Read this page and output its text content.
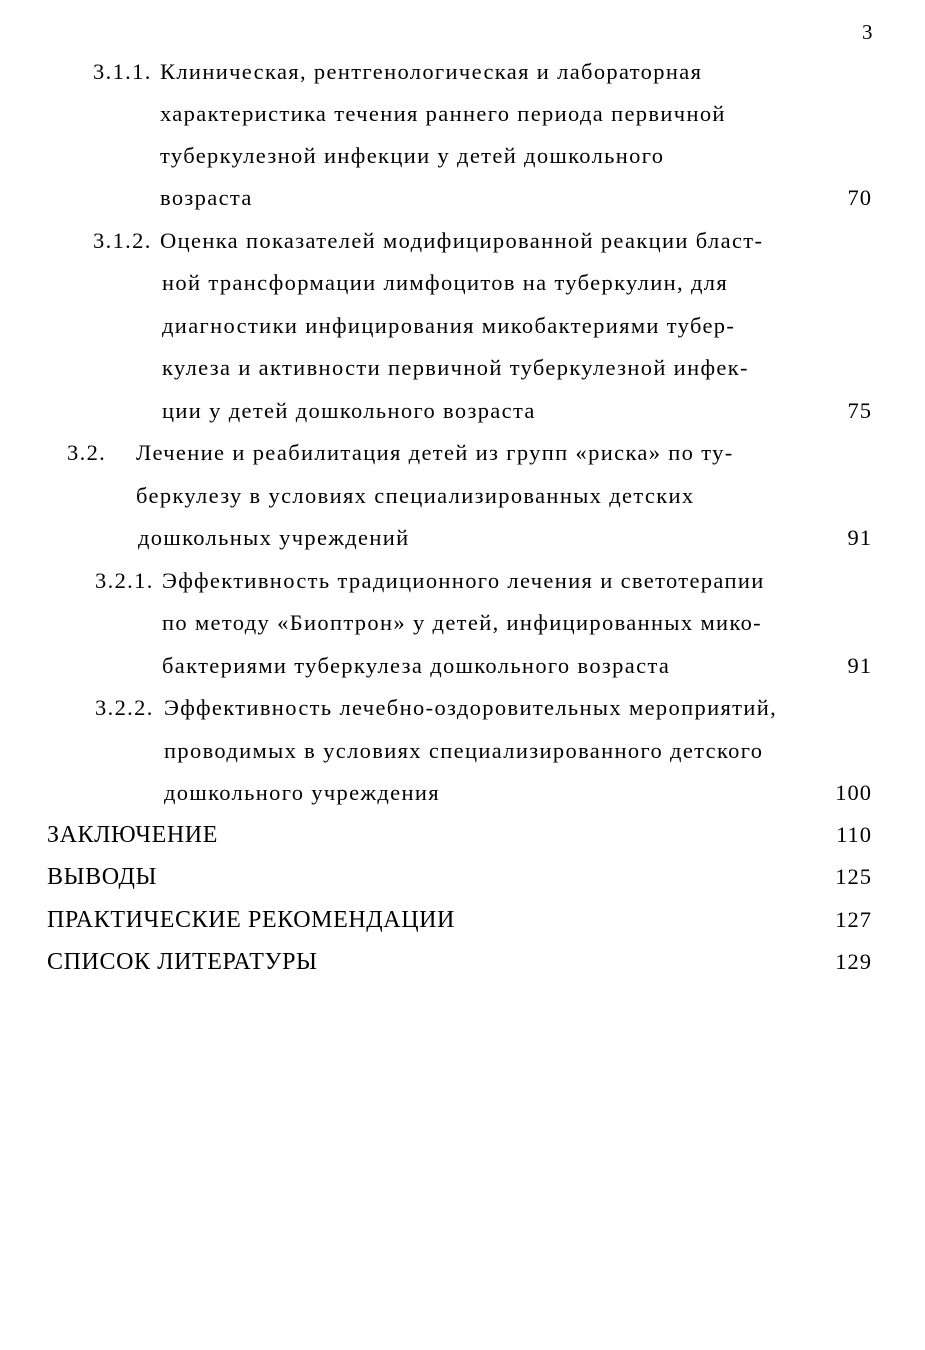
3
3.1.1. Клиническая, рентгенологическая и лабораторная
характеристика течения раннего периода первичной
туберкулезной инфекции у детей дошкольного
возраста	70
3.1.2. Оценка показателей модифицированной реакции бласт-
ной трансформации лимфоцитов на туберкулин, для
диагностики инфицирования микобактериями тубер-
кулеза и активности первичной туберкулезной инфек-
ции у детей дошкольного возраста	75
3.2. Лечение и реабилитация детей из групп «риска» по ту-
беркулезу в условиях специализированных детских
дошкольных учреждений	91
3.2.1. Эффективность традиционного лечения и светотерапии
по методу «Биоптрон» у детей, инфицированных мико-
бактериями туберкулеза дошкольного возраста	91
3.2.2. Эффективность лечебно-оздоровительных мероприятий,
проводимых в условиях специализированного детского
дошкольного учреждения	100
ЗАКЛЮЧЕНИЕ	110
ВЫВОДЫ	125
ПРАКТИЧЕСКИЕ РЕКОМЕНДАЦИИ	127
СПИСОК ЛИТЕРАТУРЫ	129
